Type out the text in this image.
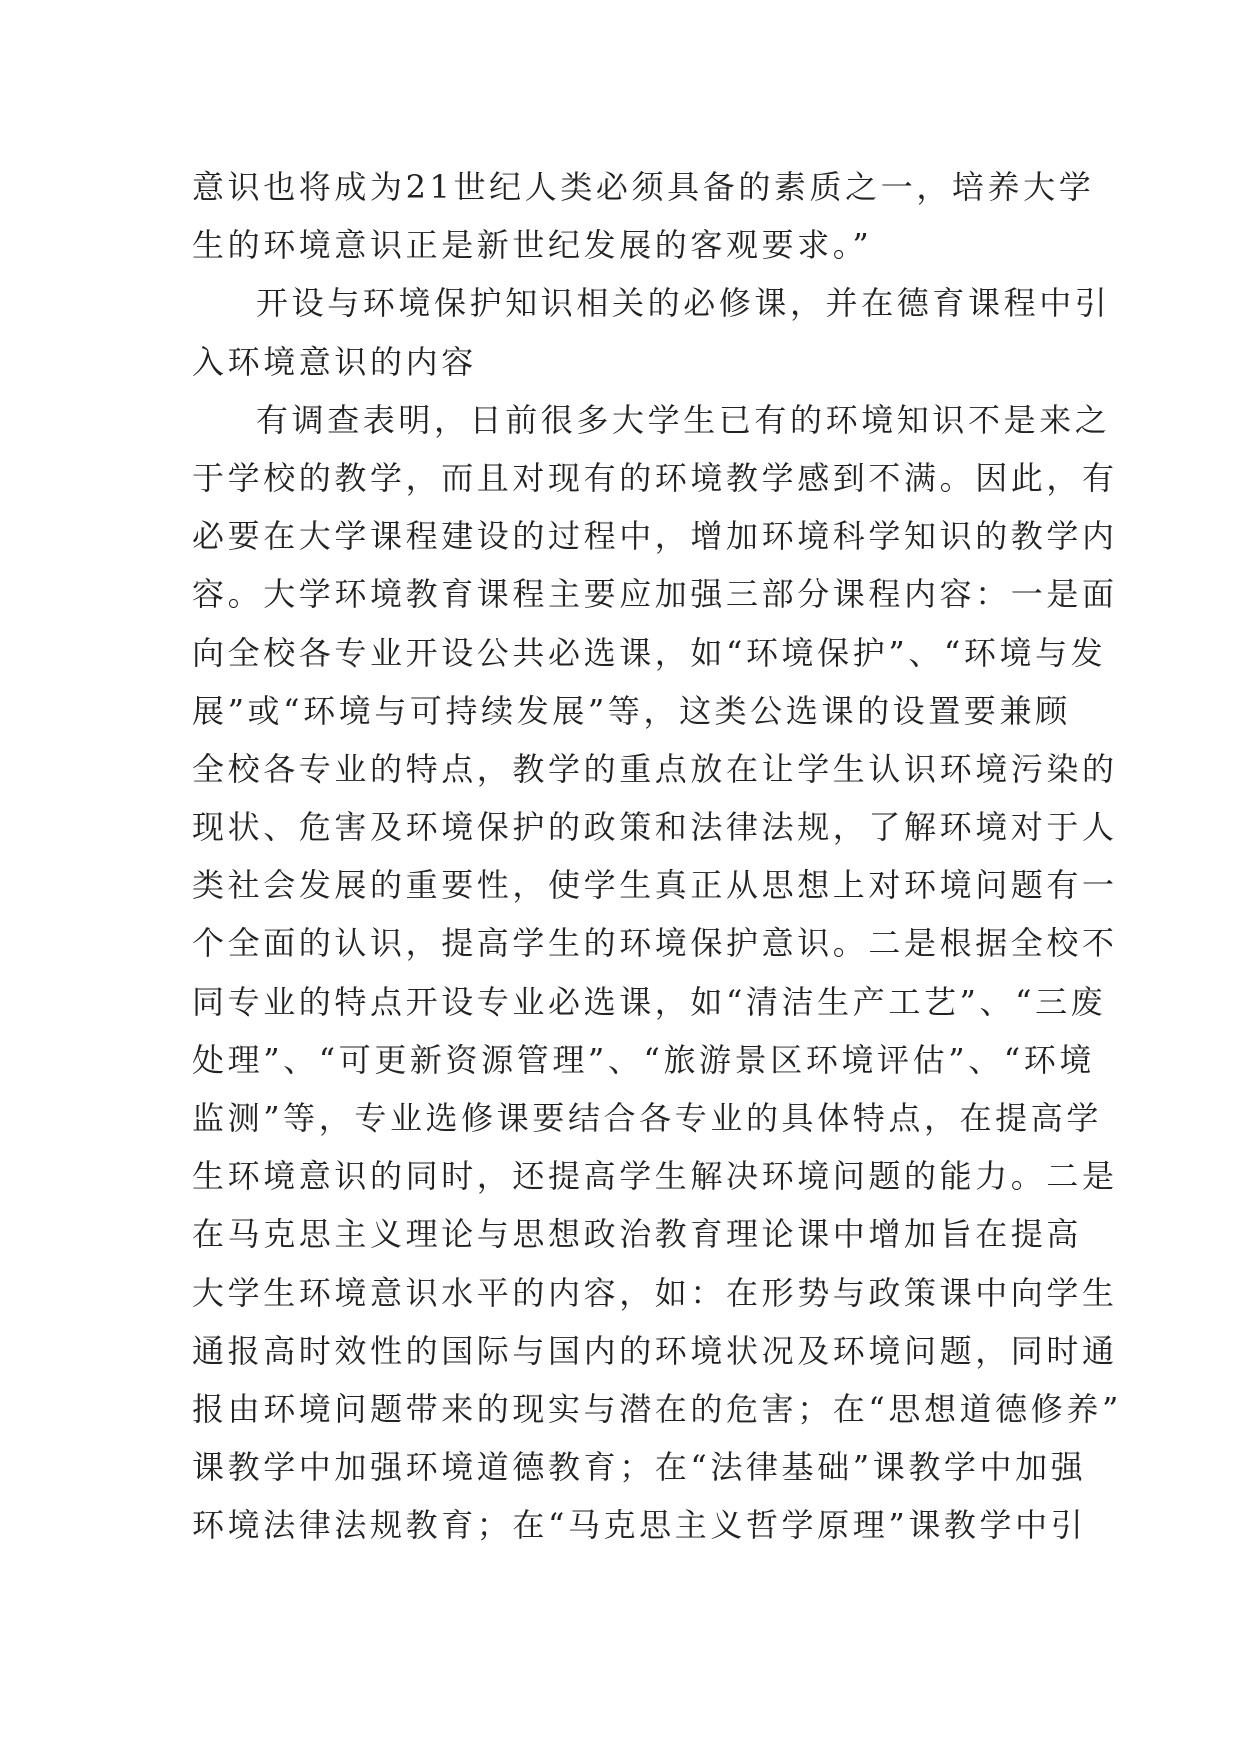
意识也将成为21世纪人类必须具备的素质之一，培养大学
生的环境意识正是新世纪发展的客观要求。”
开设与环境保护知识相关的必修课，并在德育课程中引
入环境意识的内容
有调查表明，日前很多大学生已有的环境知识不是来之
于学校的教学，而且对现有的环境教学感到不满。因此，有
必要在大学课程建设的过程中，增加环境科学知识的教学内
容。大学环境教育课程主要应加强三部分课程内容：一是面
向全校各专业开设公共必选课，如“环境保护”、“环境与发
展”或“环境与可持续发展”等，这类公选课的设置要兼顾
全校各专业的特点，教学的重点放在让学生认识环境污染的
现状、危害及环境保护的政策和法律法规，了解环境对于人
类社会发展的重要性，使学生真正从思想上对环境问题有一
个全面的认识，提高学生的环境保护意识。二是根据全校不
同专业的特点开设专业必选课，如“清洁生产工艺”、“三废
处理”、“可更新资源管理”、“旅游景区环境评估”、“环境
监测”等，专业选修课要结合各专业的具体特点，在提高学
生环境意识的同时，还提高学生解决环境问题的能力。二是
在马克思主义理论与思想政治教育理论课中增加旨在提高
大学生环境意识水平的内容，如：在形势与政策课中向学生
通报高时效性的国际与国内的环境状况及环境问题，同时通
报由环境问题带来的现实与潜在的危害；在“思想道德修养”
课教学中加强环境道德教育；在“法律基础”课教学中加强
环境法律法规教育；在“马克思主义哲学原理”课教学中引
